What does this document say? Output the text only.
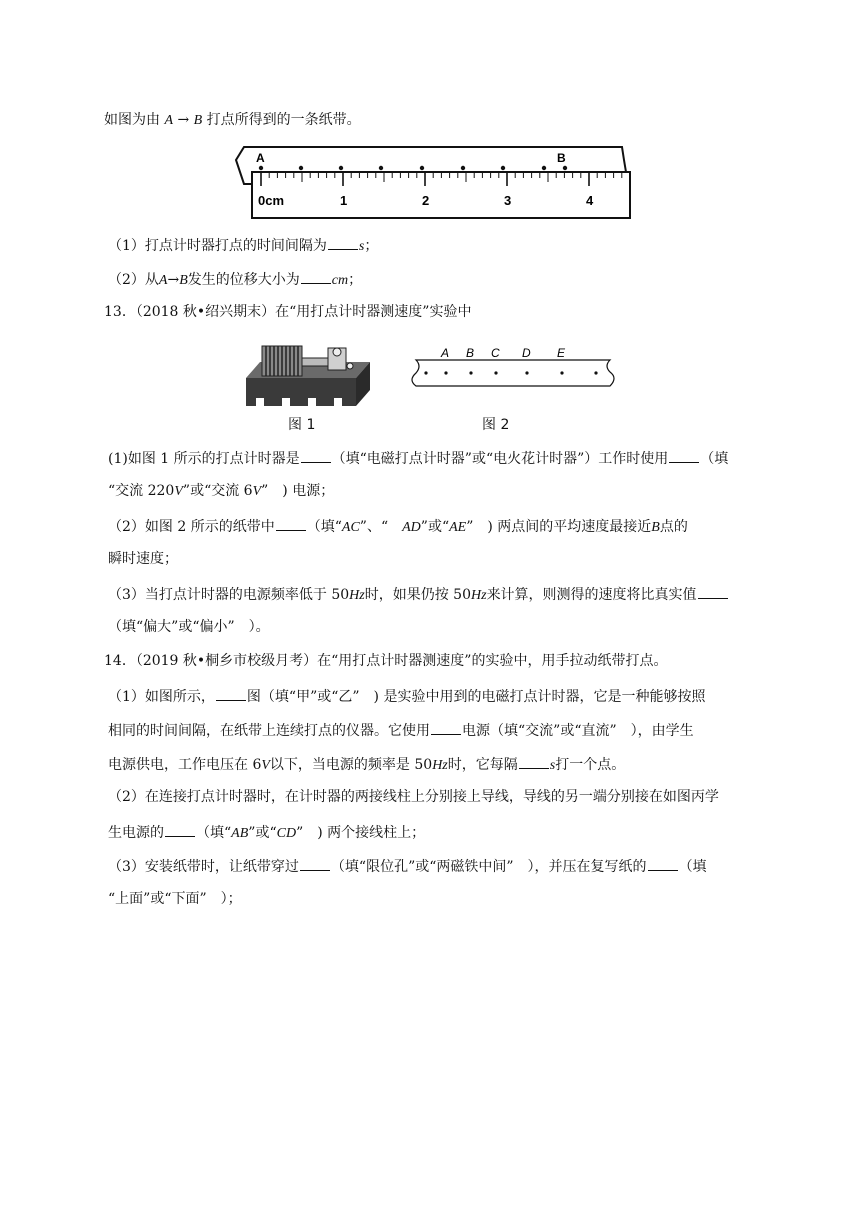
如图为由 A → B 打点所得到的一条纸带。
A	B
0cm	1	2	3	4
（1）打点计时器打点的时间间隔为 s；
（2）从A→B发生的位移大小为 cm；
13．（2018 秋•绍兴期末）在“用打点计时器测速度”实验中
图 1
A B C D E
图 2
(1)如图 1 所示的打点计时器是 （填“电磁打点计时器”或“电火花计时器”）工作时使用 （填
“交流 220V”或“交流 6V”　) 电源；
（2）如图 2 所示的纸带中 （填“AC”、“　AD”或“AE”　) 两点间的平均速度最接近B点的
瞬时速度；
（3）当打点计时器的电源频率低于 50Hz时，如果仍按 50Hz来计算，则测得的速度将比真实值
（填“偏大”或“偏小”　）。
14．（2019 秋•桐乡市校级月考）在“用打点计时器测速度”的实验中，用手拉动纸带打点。
（1）如图所示， 图（填“甲”或“乙”　) 是实验中用到的电磁打点计时器，它是一种能够按照
相同的时间间隔，在纸带上连续打点的仪器。它使用 电源（填“交流”或“直流”　），由学生
电源供电，工作电压在 6V以下，当电源的频率是 50Hz时，它每隔 s打一个点。
（2）在连接打点计时器时，在计时器的两接线柱上分别接上导线，导线的另一端分别接在如图丙学
生电源的 （填“AB”或“CD”　) 两个接线柱上；
（3）安装纸带时，让纸带穿过 （填“限位孔”或“两磁铁中间”　），并压在复写纸的 （填
“上面”或“下面”　）；
